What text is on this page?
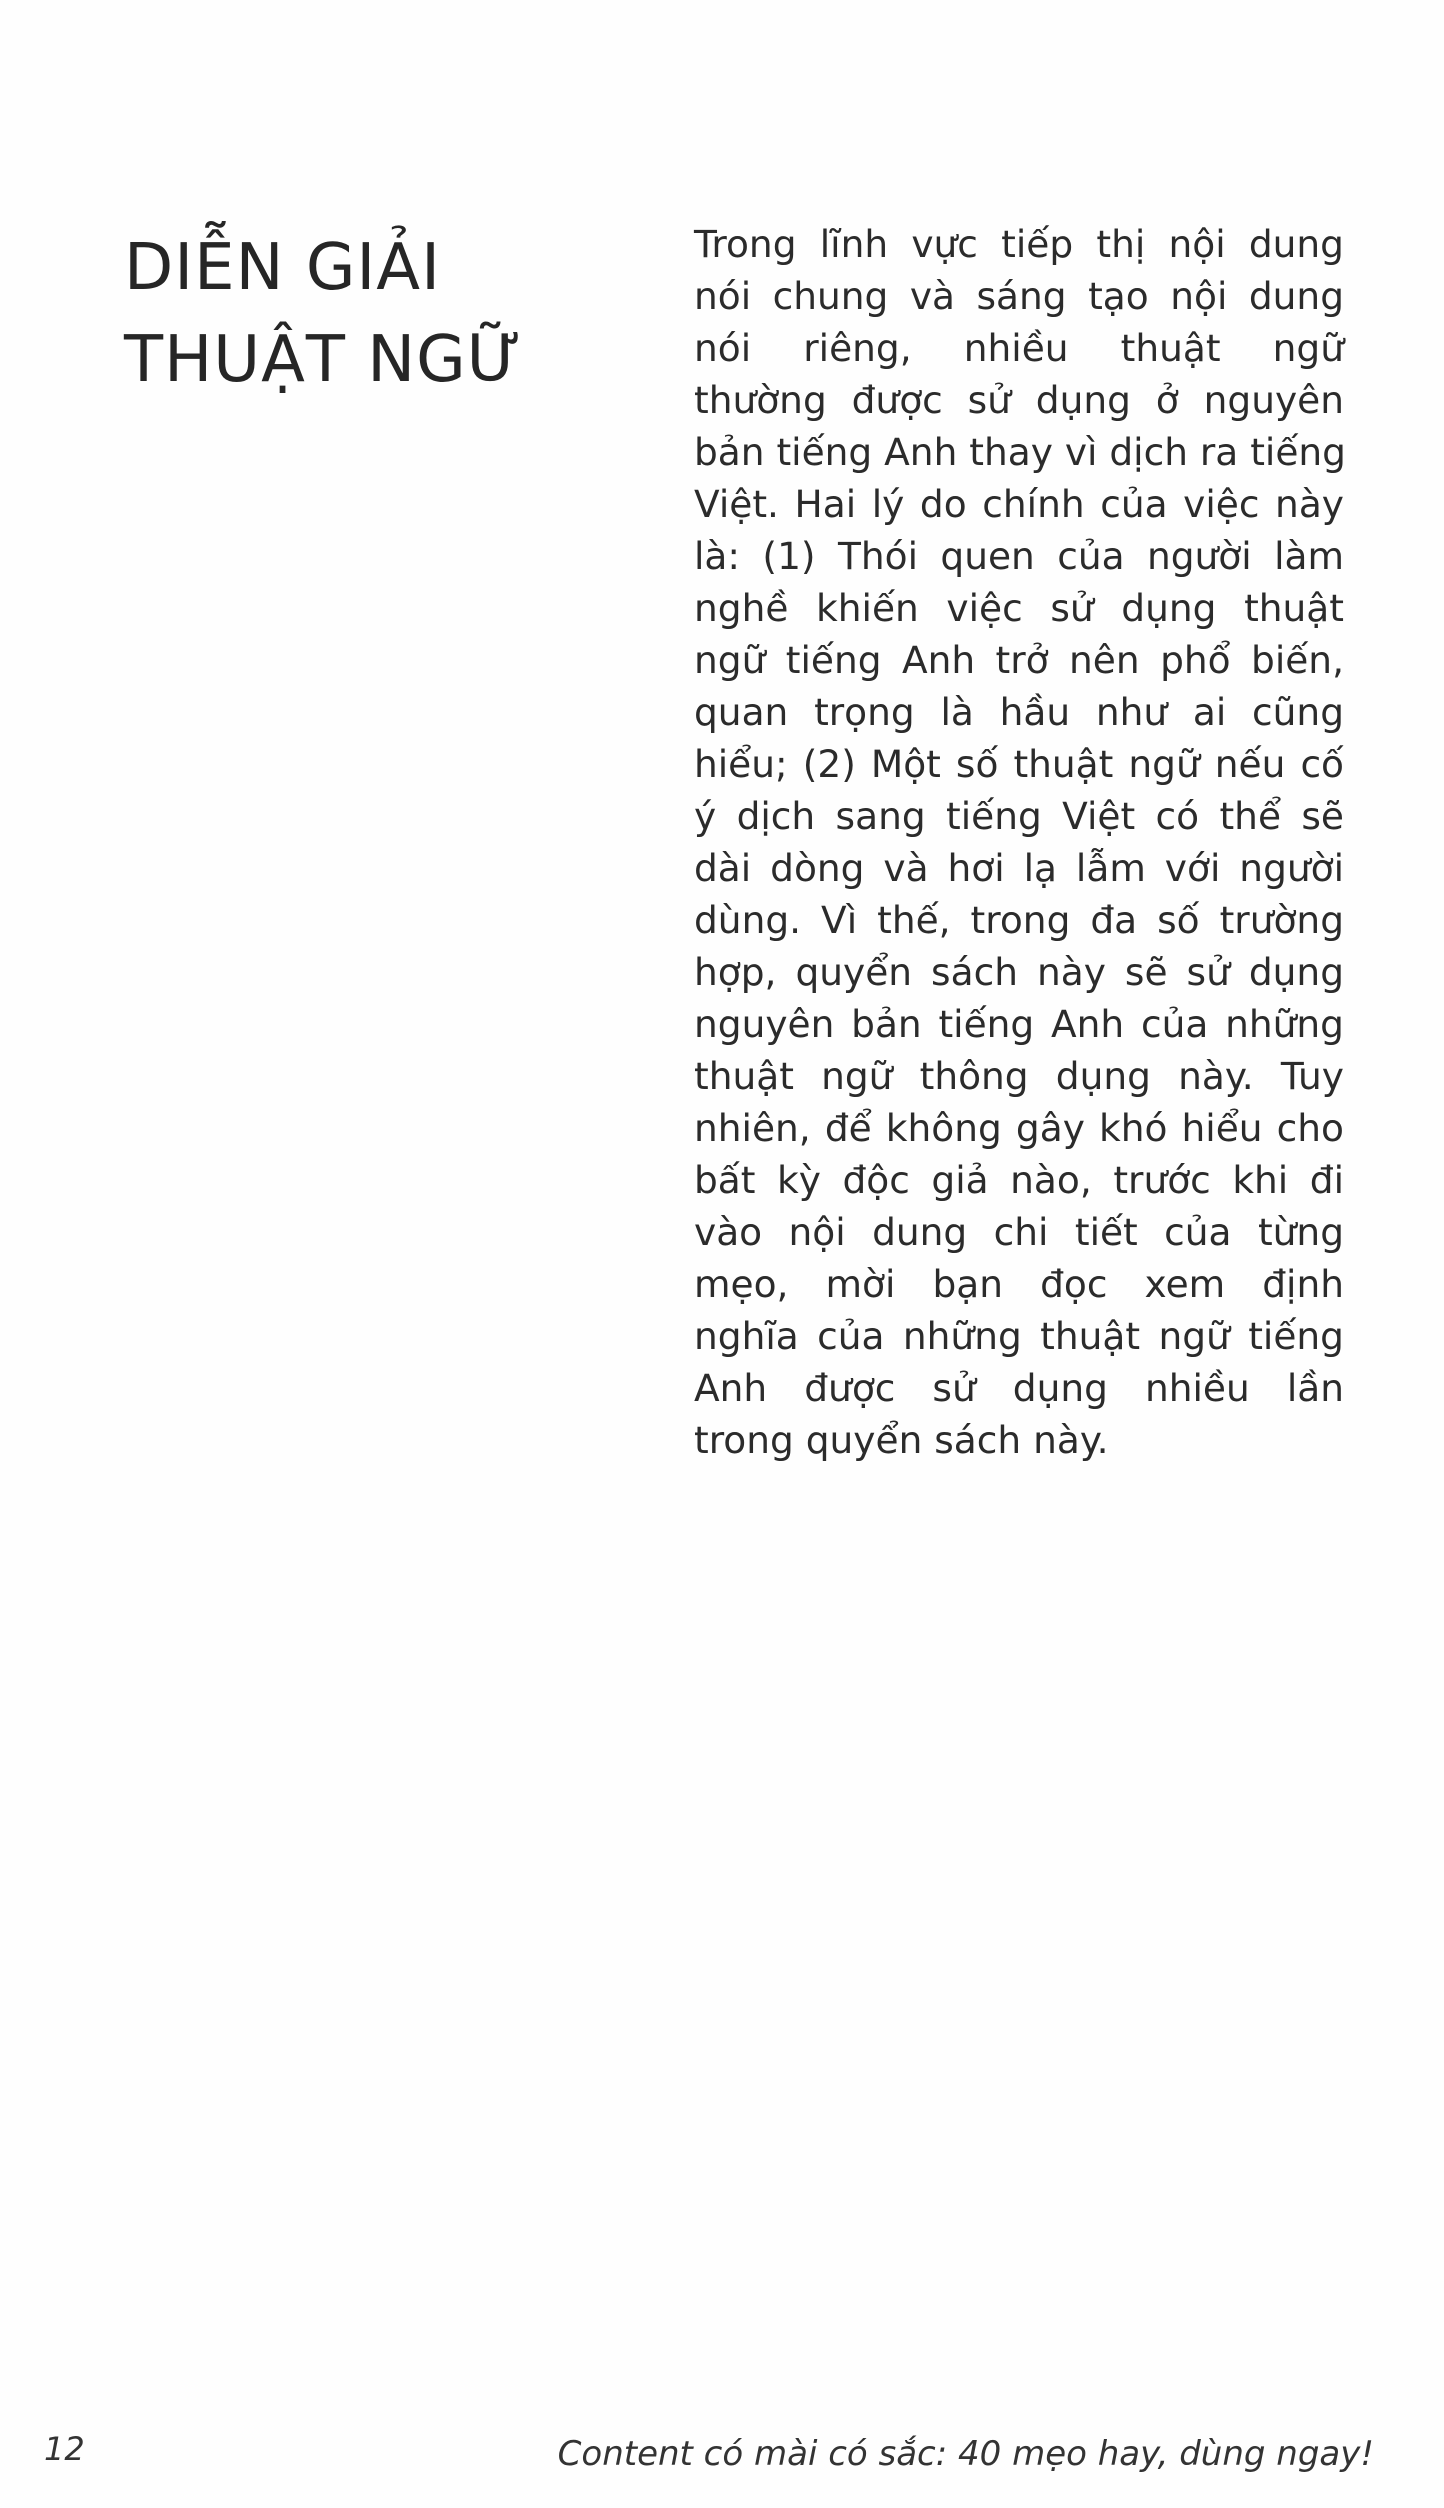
DIỄN GIẢI
THUẬT NGỮ
Trong lĩnh vực tiếp thị nội dung
nói chung và sáng tạo nội dung
nói riêng, nhiều thuật ngữ
thường được sử dụng ở nguyên
bản tiếng Anh thay vì dịch ra tiếng
Việt. Hai lý do chính của việc này
là: (1) Thói quen của người làm
nghề khiến việc sử dụng thuật
ngữ tiếng Anh trở nên phổ biến,
quan trọng là hầu như ai cũng
hiểu; (2) Một số thuật ngữ nếu cố
ý dịch sang tiếng Việt có thể sẽ
dài dòng và hơi lạ lẫm với người
dùng. Vì thế, trong đa số trường
hợp, quyển sách này sẽ sử dụng
nguyên bản tiếng Anh của những
thuật ngữ thông dụng này. Tuy
nhiên, để không gây khó hiểu cho
bất kỳ độc giả nào, trước khi đi
vào nội dung chi tiết của từng
mẹo, mời bạn đọc xem định
nghĩa của những thuật ngữ tiếng
Anh được sử dụng nhiều lần
trong quyển sách này.
12	Content có mài có sắc: 40 mẹo hay, dùng ngay!
